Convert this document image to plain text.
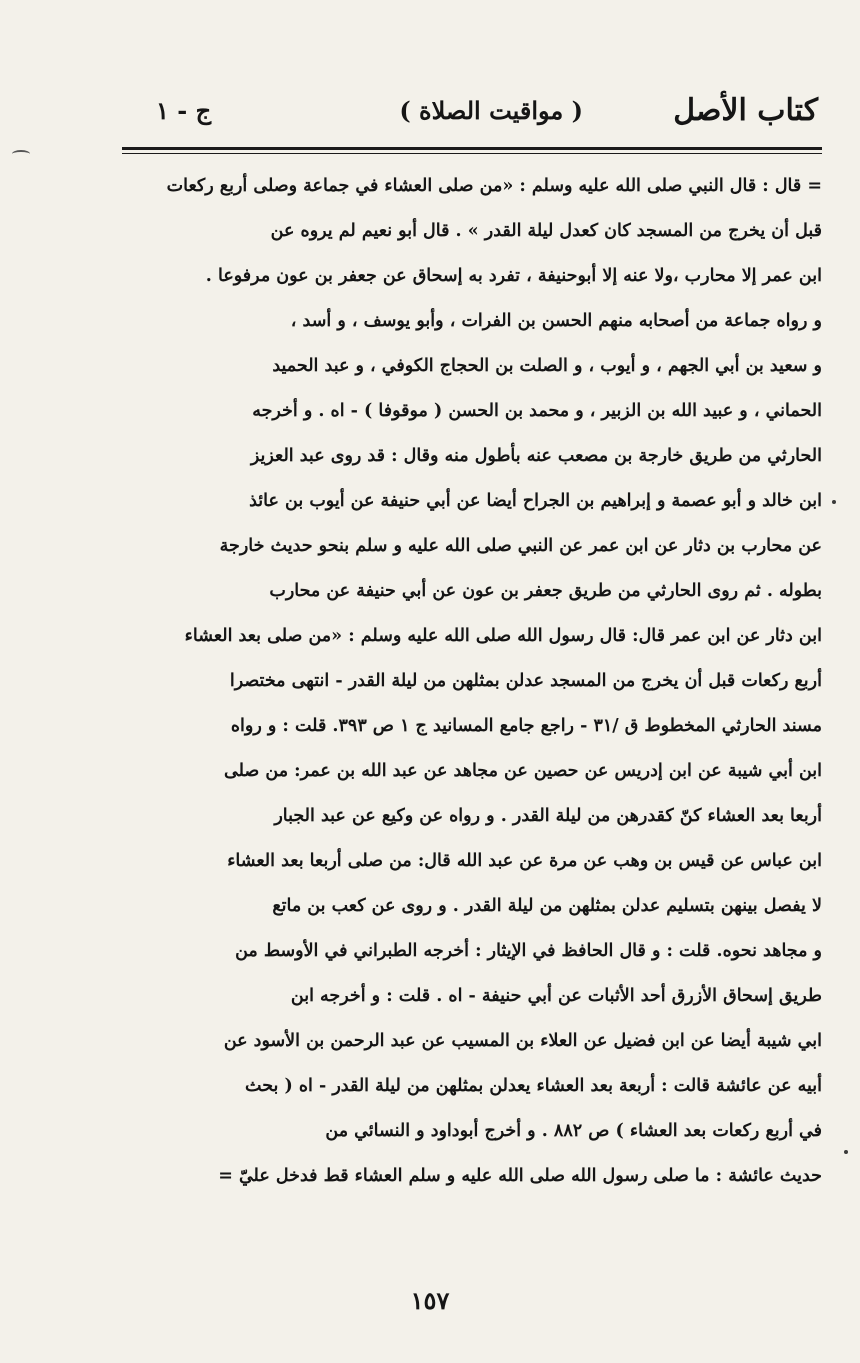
كتاب الأصل
( مواقيت الصلاة )
ج - ١
= قال : قال النبي صلى الله عليه وسلم : «من صلى العشاء في جماعة وصلى أربع ركعات
قبل أن يخرج من المسجد كان كعدل ليلة القدر » . قال أبو نعيم لم يروه عن
ابن عمر إلا محارب ،ولا عنه إلا أبوحنيفة ، تفرد به إسحاق عن جعفر بن عون مرفوعا .
و رواه جماعة من أصحابه منهم الحسن بن الفرات ، وأبو يوسف ، و أسد ،
و سعيد بن أبي الجهم ، و أيوب ، و الصلت بن الحجاج الكوفي ، و عبد الحميد
الحماني ، و عبيد الله بن الزبير ، و محمد بن الحسن ( موقوفا ) - اه . و أخرجه
الحارثي من طريق خارجة بن مصعب عنه بأطول منه وقال : قد روى عبد العزيز
ابن خالد و أبو عصمة و إبراهيم بن الجراح أيضا عن أبي حنيفة عن أيوب بن عائذ
عن محارب بن دثار عن ابن عمر عن النبي صلى الله عليه و سلم بنحو حديث خارجة
بطوله . ثم روى الحارثي من طريق جعفر بن عون عن أبي حنيفة عن محارب
ابن دثار عن ابن عمر قال: قال رسول الله صلى الله عليه وسلم : «من صلى بعد العشاء
أربع ركعات قبل أن يخرج من المسجد عدلن بمثلهن من ليلة القدر - انتهى مختصرا
مسند الحارثي المخطوط ق /٣١ - راجع جامع المسانيد ج ١ ص ٣٩٣. قلت : و رواه
ابن أبي شيبة عن ابن إدريس عن حصين عن مجاهد عن عبد الله بن عمر: من صلى
أربعا بعد العشاء كنّ كقدرهن من ليلة القدر . و رواه عن وكيع عن عبد الجبار
ابن عباس عن قيس بن وهب عن مرة عن عبد الله قال: من صلى أربعا بعد العشاء
لا يفصل بينهن بتسليم عدلن بمثلهن من ليلة القدر . و روى عن كعب بن ماتع
و مجاهد نحوه. قلت : و قال الحافظ في الإيثار : أخرجه الطبراني في الأوسط من
طريق إسحاق الأزرق أحد الأثبات عن أبي حنيفة - اه . قلت : و أخرجه ابن
ابي شيبة أيضا عن ابن فضيل عن العلاء بن المسيب عن عبد الرحمن بن الأسود عن
أبيه عن عائشة قالت : أربعة بعد العشاء يعدلن بمثلهن من ليلة القدر - اه ( بحث
في أربع ركعات بعد العشاء ) ص ٨٨٢ . و أخرج أبوداود و النسائي من
حديث عائشة : ما صلى رسول الله صلى الله عليه و سلم العشاء قط فدخل عليّ =
١٥٧
